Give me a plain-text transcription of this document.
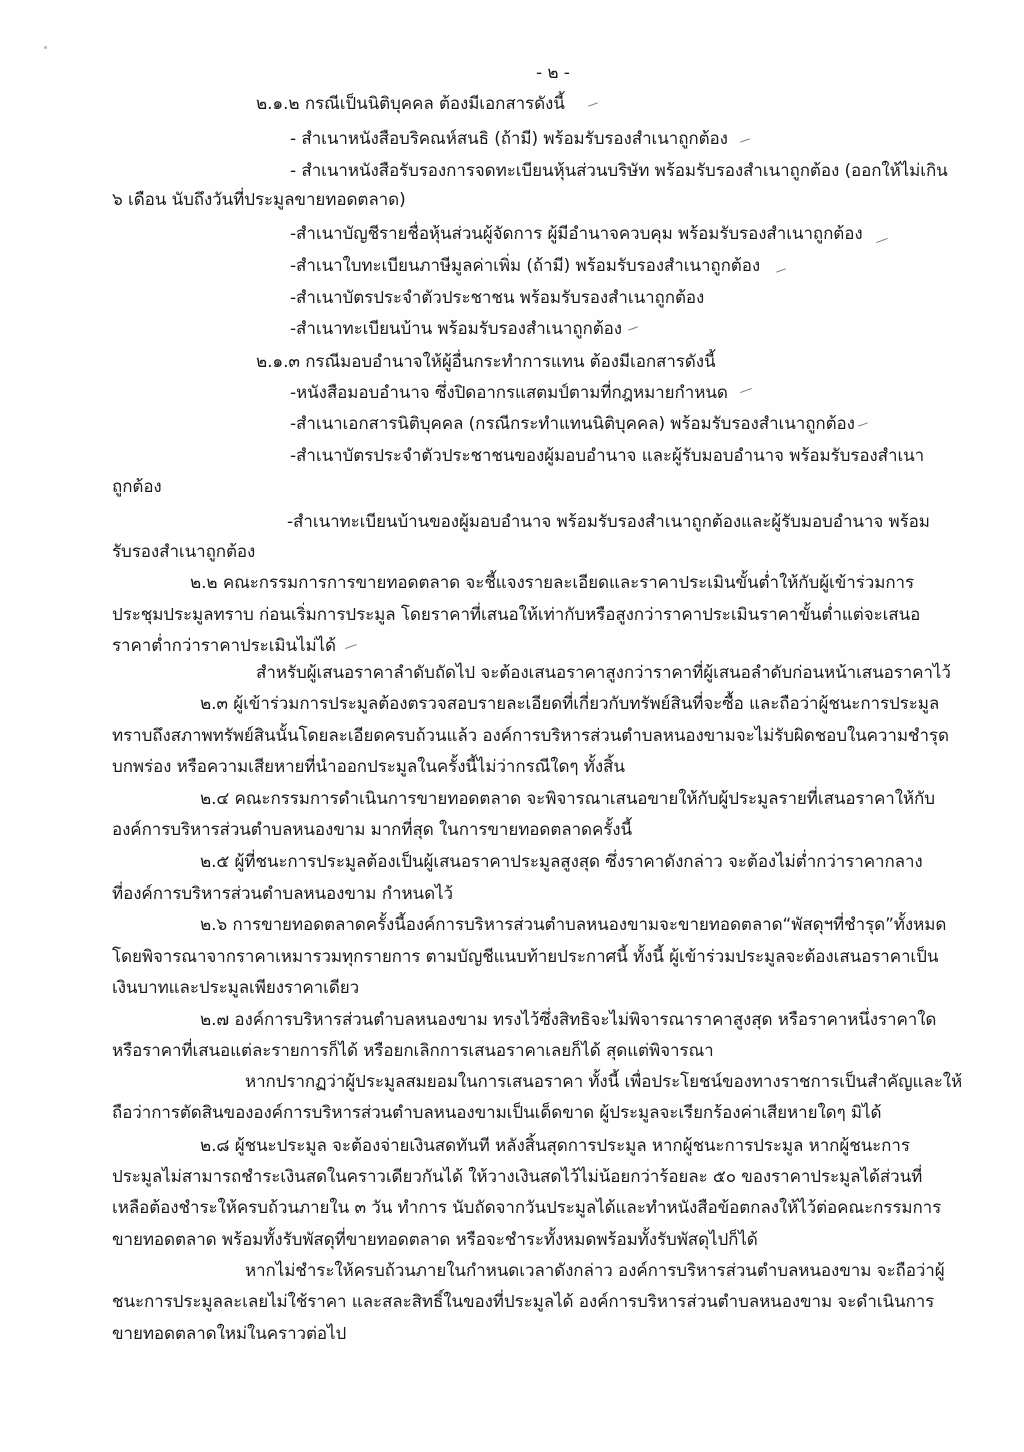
- ๒ -
๒.๑.๒ กรณีเป็นนิติบุคคล ต้องมีเอกสารดังนี้
- สำเนาหนังสือบริคณห์สนธิ (ถ้ามี) พร้อมรับรองสำเนาถูกต้อง
- สำเนาหนังสือรับรองการจดทะเบียนหุ้นส่วนบริษัท พร้อมรับรองสำเนาถูกต้อง (ออกให้ไม่เกิน
๖ เดือน นับถึงวันที่ประมูลขายทอดตลาด)
-สำเนาบัญชีรายชื่อหุ้นส่วนผู้จัดการ ผู้มีอำนาจควบคุม พร้อมรับรองสำเนาถูกต้อง
-สำเนาใบทะเบียนภาษีมูลค่าเพิ่ม (ถ้ามี) พร้อมรับรองสำเนาถูกต้อง
-สำเนาบัตรประจำตัวประชาชน พร้อมรับรองสำเนาถูกต้อง
-สำเนาทะเบียนบ้าน พร้อมรับรองสำเนาถูกต้อง
๒.๑.๓ กรณีมอบอำนาจให้ผู้อื่นกระทำการแทน ต้องมีเอกสารดังนี้
-หนังสือมอบอำนาจ ซึ่งปิดอากรแสตมป์ตามที่กฎหมายกำหนด
-สำเนาเอกสารนิติบุคคล (กรณีกระทำแทนนิติบุคคล) พร้อมรับรองสำเนาถูกต้อง
-สำเนาบัตรประจำตัวประชาชนของผู้มอบอำนาจ และผู้รับมอบอำนาจ พร้อมรับรองสำเนา
ถูกต้อง
-สำเนาทะเบียนบ้านของผู้มอบอำนาจ พร้อมรับรองสำเนาถูกต้องและผู้รับมอบอำนาจ พร้อม
รับรองสำเนาถูกต้อง
๒.๒ คณะกรรมการการขายทอดตลาด จะชี้แจงรายละเอียดและราคาประเมินขั้นต่ำให้กับผู้เข้าร่วมการ
ประชุมประมูลทราบ ก่อนเริ่มการประมูล โดยราคาที่เสนอให้เท่ากับหรือสูงกว่าราคาประเมินราคาขั้นต่ำแต่จะเสนอ
ราคาต่ำกว่าราคาประเมินไม่ได้
สำหรับผู้เสนอราคาลำดับถัดไป จะต้องเสนอราคาสูงกว่าราคาที่ผู้เสนอลำดับก่อนหน้าเสนอราคาไว้
๒.๓ ผู้เข้าร่วมการประมูลต้องตรวจสอบรายละเอียดที่เกี่ยวกับทรัพย์สินที่จะซื้อ และถือว่าผู้ชนะการประมูล
ทราบถึงสภาพทรัพย์สินนั้นโดยละเอียดครบถ้วนแล้ว องค์การบริหารส่วนตำบลหนองขามจะไม่รับผิดชอบในความชำรุด
บกพร่อง หรือความเสียหายที่นำออกประมูลในครั้งนี้ไม่ว่ากรณีใดๆ ทั้งสิ้น
๒.๔ คณะกรรมการดำเนินการขายทอดตลาด จะพิจารณาเสนอขายให้กับผู้ประมูลรายที่เสนอราคาให้กับ
องค์การบริหารส่วนตำบลหนองขาม มากที่สุด ในการขายทอดตลาดครั้งนี้
๒.๕ ผู้ที่ชนะการประมูลต้องเป็นผู้เสนอราคาประมูลสูงสุด ซึ่งราคาดังกล่าว จะต้องไม่ต่ำกว่าราคากลาง
ที่องค์การบริหารส่วนตำบลหนองขาม กำหนดไว้
๒.๖ การขายทอดตลาดครั้งนี้องค์การบริหารส่วนตำบลหนองขามจะขายทอดตลาด“พัสดุฯที่ชำรุด”ทั้งหมด
โดยพิจารณาจากราคาเหมารวมทุกรายการ ตามบัญชีแนบท้ายประกาศนี้ ทั้งนี้ ผู้เข้าร่วมประมูลจะต้องเสนอราคาเป็น
เงินบาทและประมูลเพียงราคาเดียว
๒.๗ องค์การบริหารส่วนตำบลหนองขาม ทรงไว้ซึ่งสิทธิจะไม่พิจารณาราคาสูงสุด หรือราคาหนึ่งราคาใด
หรือราคาที่เสนอแต่ละรายการก็ได้ หรือยกเลิกการเสนอราคาเลยก็ได้ สุดแต่พิจารณา
หากปรากฏว่าผู้ประมูลสมยอมในการเสนอราคา ทั้งนี้ เพื่อประโยชน์ของทางราชการเป็นสำคัญและให้
ถือว่าการตัดสินขององค์การบริหารส่วนตำบลหนองขามเป็นเด็ดขาด ผู้ประมูลจะเรียกร้องค่าเสียหายใดๆ มิได้
๒.๘ ผู้ชนะประมูล จะต้องจ่ายเงินสดทันที หลังสิ้นสุดการประมูล หากผู้ชนะการประมูล หากผู้ชนะการ
ประมูลไม่สามารถชำระเงินสดในคราวเดียวกันได้ ให้วางเงินสดไว้ไม่น้อยกว่าร้อยละ ๕๐ ของราคาประมูลได้ส่วนที่
เหลือต้องชำระให้ครบถ้วนภายใน ๓ วัน ทำการ นับถัดจากวันประมูลได้และทำหนังสือข้อตกลงให้ไว้ต่อคณะกรรมการ
ขายทอดตลาด พร้อมทั้งรับพัสดุที่ขายทอดตลาด หรือจะชำระทั้งหมดพร้อมทั้งรับพัสดุไปก็ได้
หากไม่ชำระให้ครบถ้วนภายในกำหนดเวลาดังกล่าว องค์การบริหารส่วนตำบลหนองขาม จะถือว่าผู้
ชนะการประมูลละเลยไม่ใช้ราคา และสละสิทธิ์ในของที่ประมูลได้ องค์การบริหารส่วนตำบลหนองขาม จะดำเนินการ
ขายทอดตลาดใหม่ในคราวต่อไป
